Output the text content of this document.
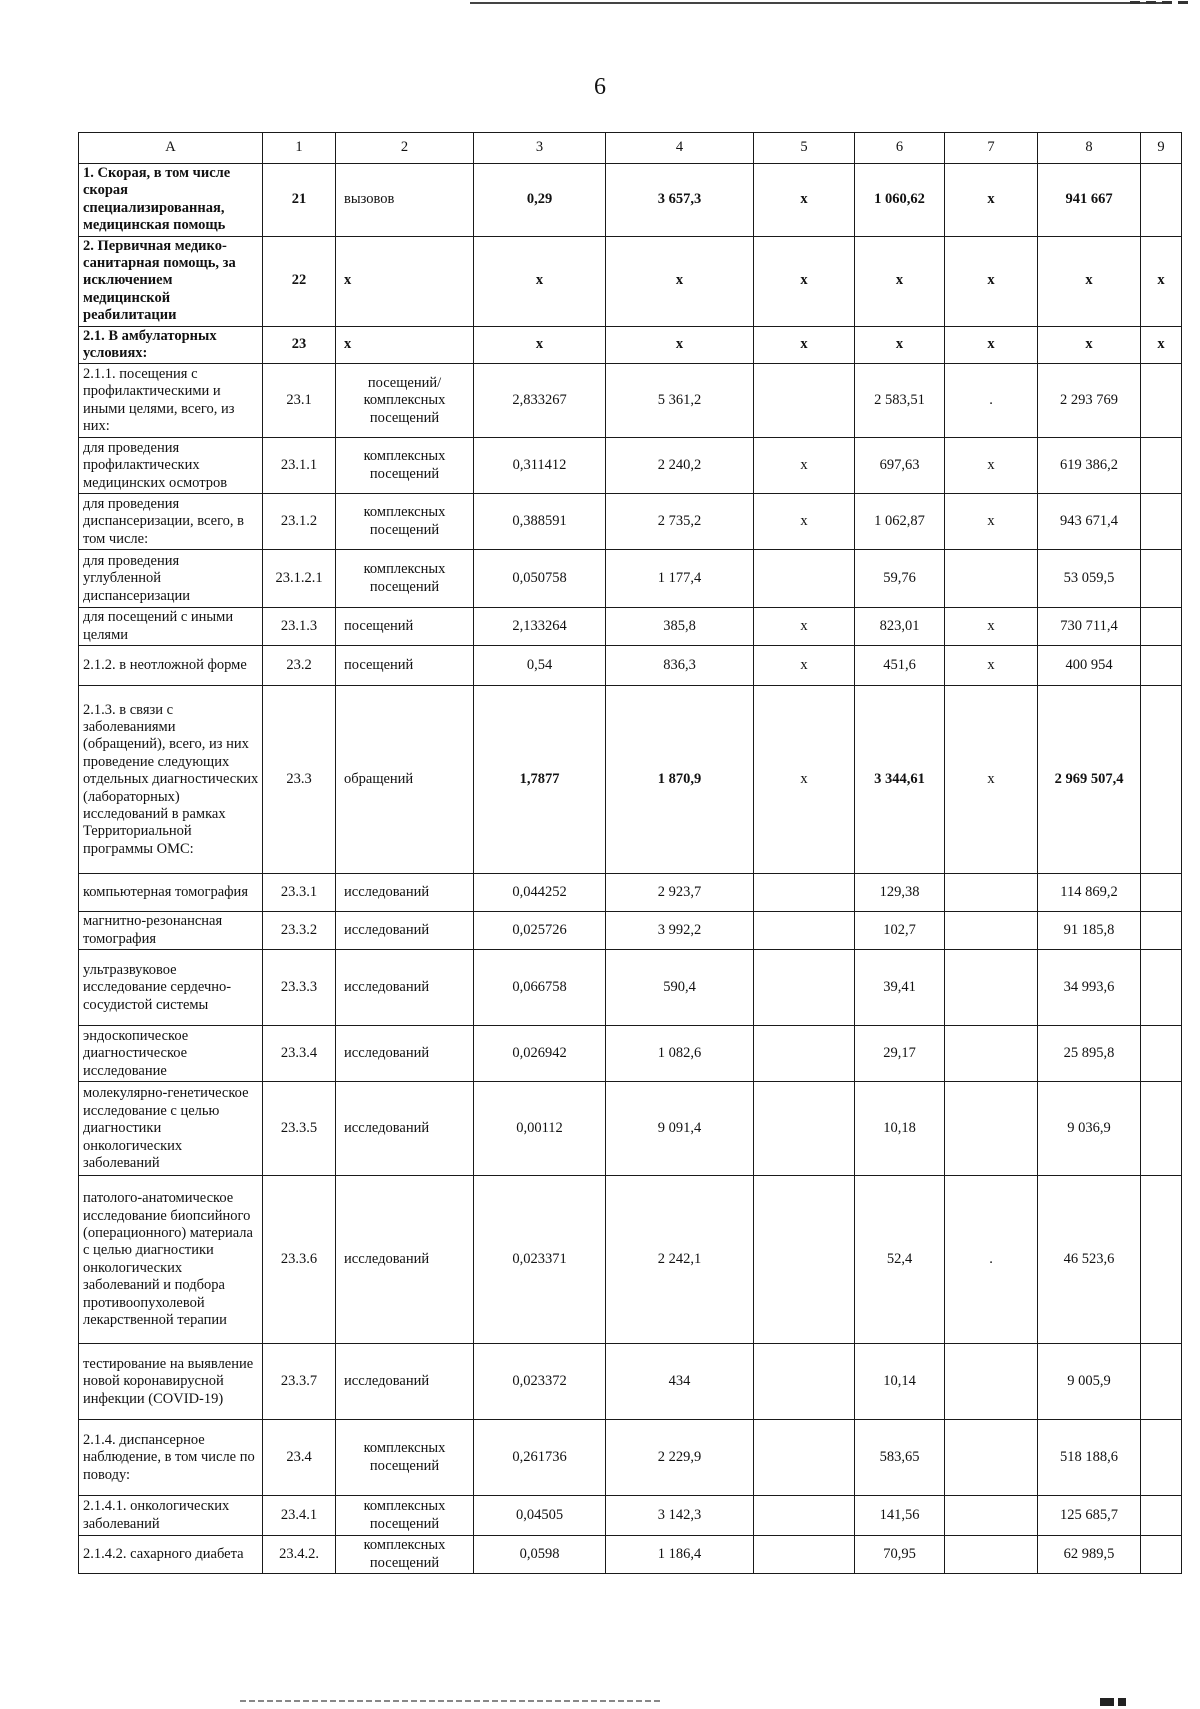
6
A	1	2	3	4	5	6	7	8	9
1. Скорая, в том числе скорая специализированная, медицинская помощь	21	вызовов	0,29	3 657,3	х	1 060,62	х	941 667	
2. Первичная медико-санитарная помощь, за исключением медицинской реабилитации	22	х	х	х	х	х	х	х	х
2.1. В амбулаторных условиях:	23	х	х	х	х	х	х	х	х
2.1.1. посещения с профилактическими и иными целями, всего, из них:	23.1	посещений/ комплексных посещений	2,833267	5 361,2		2 583,51	.	2 293 769	
для проведения профилактических медицинских осмотров	23.1.1	комплексных посещений	0,311412	2 240,2	х	697,63	х	619 386,2	
для проведения диспансеризации, всего, в том числе:	23.1.2	комплексных посещений	0,388591	2 735,2	х	1 062,87	х	943 671,4	
для проведения углубленной диспансеризации	23.1.2.1	комплексных посещений	0,050758	1 177,4		59,76		53 059,5	
для посещений с иными целями	23.1.3	посещений	2,133264	385,8	х	823,01	х	730 711,4	
2.1.2. в неотложной форме	23.2	посещений	0,54	836,3	х	451,6	х	400 954	
2.1.3. в связи с заболеваниями (обращений), всего, из них проведение следующих отдельных диагностических (лабораторных) исследований в рамках Территориальной программы ОМС:	23.3	обращений	1,7877	1 870,9	х	3 344,61	х	2 969 507,4	
компьютерная томография	23.3.1	исследований	0,044252	2 923,7		129,38		114 869,2	
магнитно-резонансная томография	23.3.2	исследований	0,025726	3 992,2		102,7		91 185,8	
ультразвуковое исследование сердечно-сосудистой системы	23.3.3	исследований	0,066758	590,4		39,41		34 993,6	
эндоскопическое диагностическое исследование	23.3.4	исследований	0,026942	1 082,6		29,17		25 895,8	
молекулярно-генетическое исследование с целью диагностики онкологических заболеваний	23.3.5	исследований	0,00112	9 091,4		10,18		9 036,9	
патолого-анатомическое исследование биопсийного (операционного) материала с целью диагностики онкологических заболеваний и подбора противоопухолевой лекарственной терапии	23.3.6	исследований	0,023371	2 242,1		52,4	.	46 523,6	
тестирование на выявление новой коронавирусной инфекции (COVID-19)	23.3.7	исследований	0,023372	434		10,14		9 005,9	
2.1.4. диспансерное наблюдение, в том числе по поводу:	23.4	комплексных посещений	0,261736	2 229,9		583,65		518 188,6	
2.1.4.1. онкологических заболеваний	23.4.1	комплексных посещений	0,04505	3 142,3		141,56		125 685,7	
2.1.4.2. сахарного диабета	23.4.2.	комплексных посещений	0,0598	1 186,4		70,95		62 989,5	
